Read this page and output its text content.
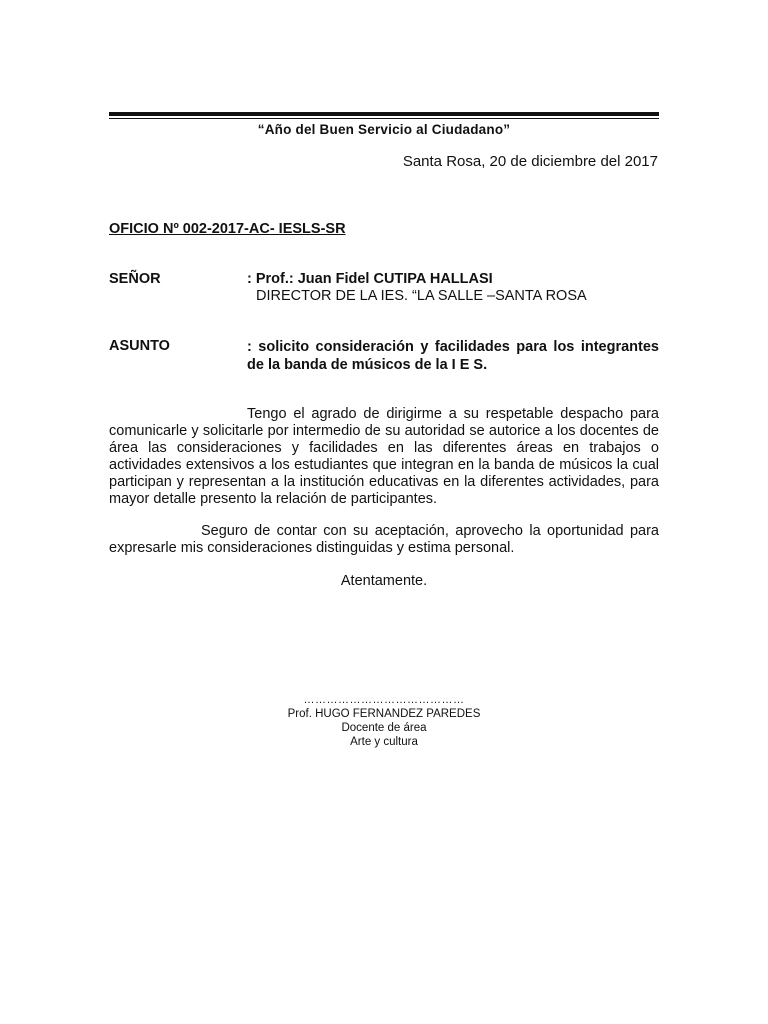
“Año del Buen Servicio al Ciudadano”
Santa Rosa, 20 de diciembre del 2017
OFICIO Nº 002-2017-AC- IESLS-SR
SEÑOR	: Prof.: Juan Fidel CUTIPA HALLASI
DIRECTOR DE LA IES. “LA SALLE –SANTA ROSA
ASUNTO	: solicito consideración y facilidades para los integrantes de la banda de músicos de la I E S.
Tengo el agrado de dirigirme a su respetable despacho para comunicarle y solicitarle por intermedio de su autoridad se autorice a los docentes de área las consideraciones y facilidades en las diferentes áreas en trabajos o actividades extensivos a los estudiantes que integran en la banda de músicos la cual participan y representan a la institución educativas en la diferentes actividades, para mayor detalle presento la relación de participantes.
Seguro de contar con su aceptación, aprovecho la oportunidad para expresarle mis consideraciones distinguidas y estima personal.
Atentamente.
……………………………………
Prof. HUGO FERNANDEZ PAREDES
Docente de área
Arte y cultura
